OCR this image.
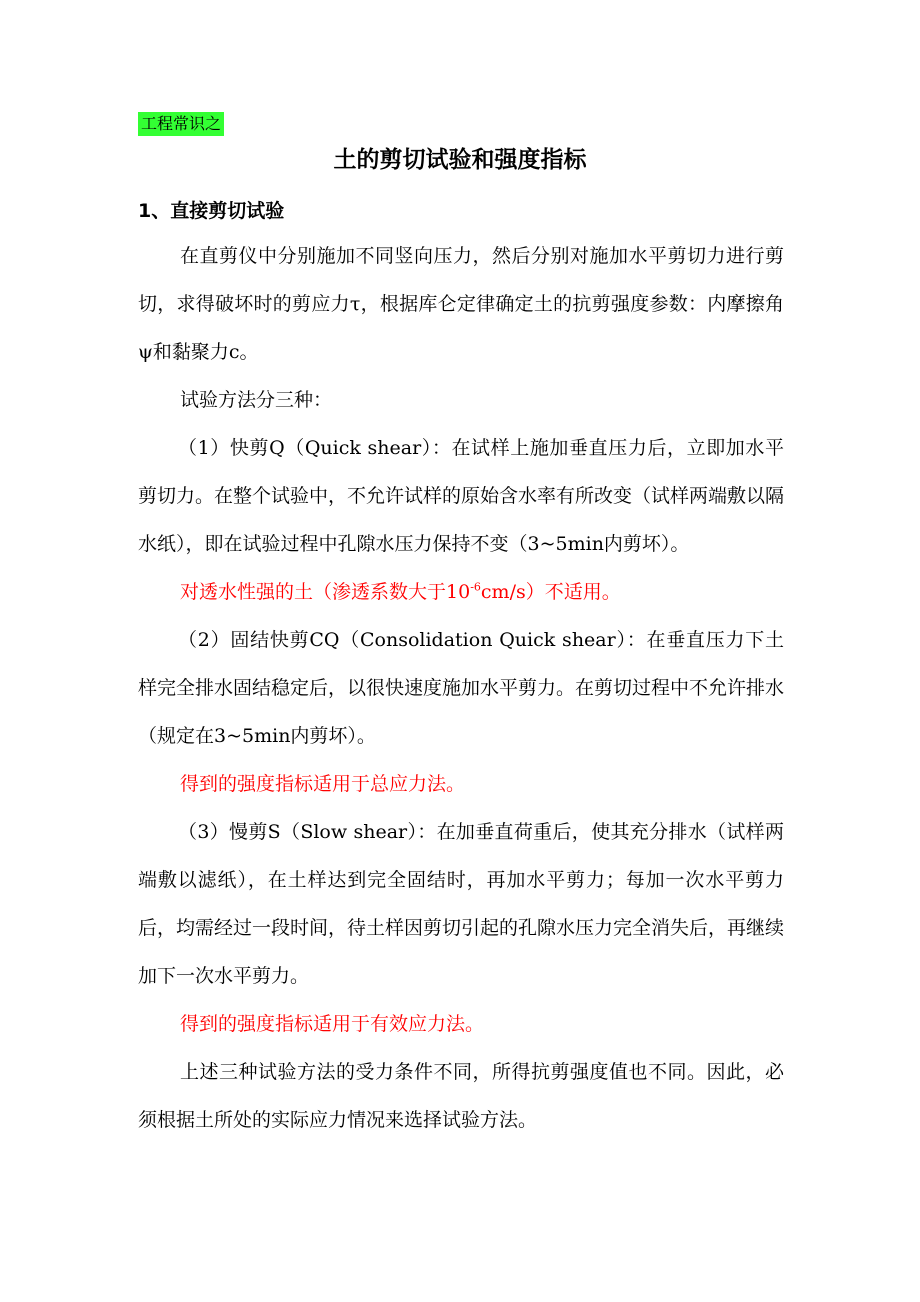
工程常识之
土的剪切试验和强度指标
1、直接剪切试验

在直剪仪中分别施加不同竖向压力，然后分别对施加水平剪切力进行剪切，求得破坏时的剪应力τ，根据库仑定律确定土的抗剪强度参数：内摩擦角ψ和黏聚力c。

试验方法分三种：

（1）快剪Q（Quick shear）：在试样上施加垂直压力后，立即加水平剪切力。在整个试验中，不允许试样的原始含水率有所改变（试样两端敷以隔水纸），即在试验过程中孔隙水压力保持不变（3~5min内剪坏）。

对透水性强的土（渗透系数大于$10^{-6}cm/s$）不适用。

（2）固结快剪CQ（Consolidation Quick shear）：在垂直压力下土样完全排水固结稳定后，以很快速度施加水平剪力。在剪切过程中不允许排水（规定在3~5min内剪坏）。

得到的强度指标适用于总应力法。

（3）慢剪S（Slow shear）：在加垂直荷重后，使其充分排水（试样两端敷以滤纸），在土样达到完全固结时，再加水平剪力；每加一次水平剪力后，均需经过一段时间，待土样因剪切引起的孔隙水压力完全消失后，再继续加下一次水平剪力。

得到的强度指标适用于有效应力法。

上述三种试验方法的受力条件不同，所得抗剪强度值也不同。因此，必须根据土所处的实际应力情况来选择试验方法。
